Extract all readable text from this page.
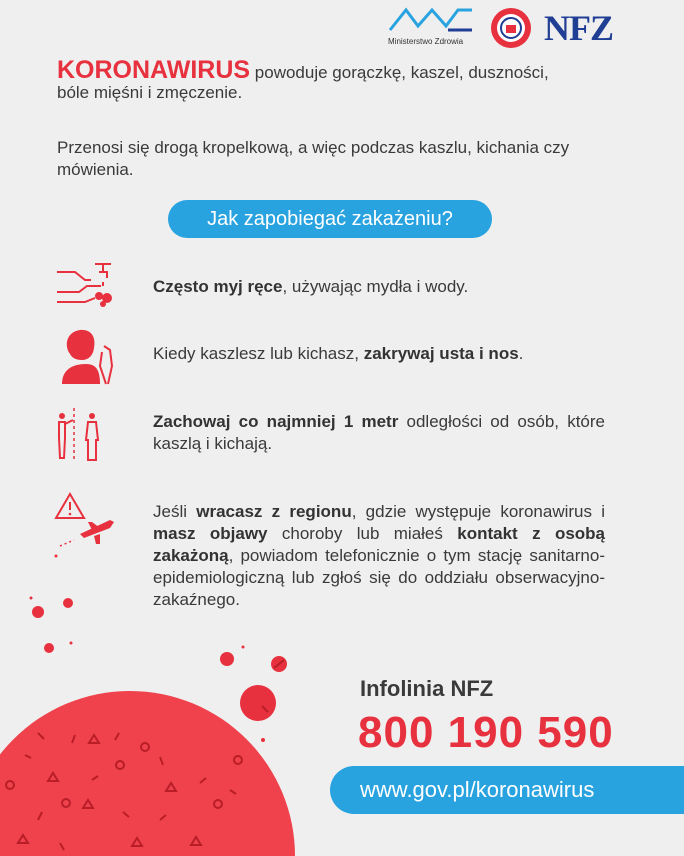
Ministerstwo Zdrowia NFZ
KORONAWIRUS powoduje gorączkę, kaszel, duszności,
bóle mięśni i zmęczenie.
Przenosi się drogą kropelkową, a więc podczas kaszlu, kichania czy mówienia.
Jak zapobiegać zakażeniu?
Często myj ręce, używając mydła i wody.
Kiedy kaszlesz lub kichasz, zakrywaj usta i nos.
Zachowaj co najmniej 1 metr odległości od osób, które kaszlą i kichają.
Jeśli wracasz z regionu, gdzie występuje koronawirus i masz objawy choroby lub miałeś kontakt z osobą zakażoną, powiadom telefonicznie o tym stację sanitarno-epidemiologiczną lub zgłoś się do oddziału obserwacyjno-zakaźnego.
Infolinia NFZ
800 190 590
www.gov.pl/koronawirus
